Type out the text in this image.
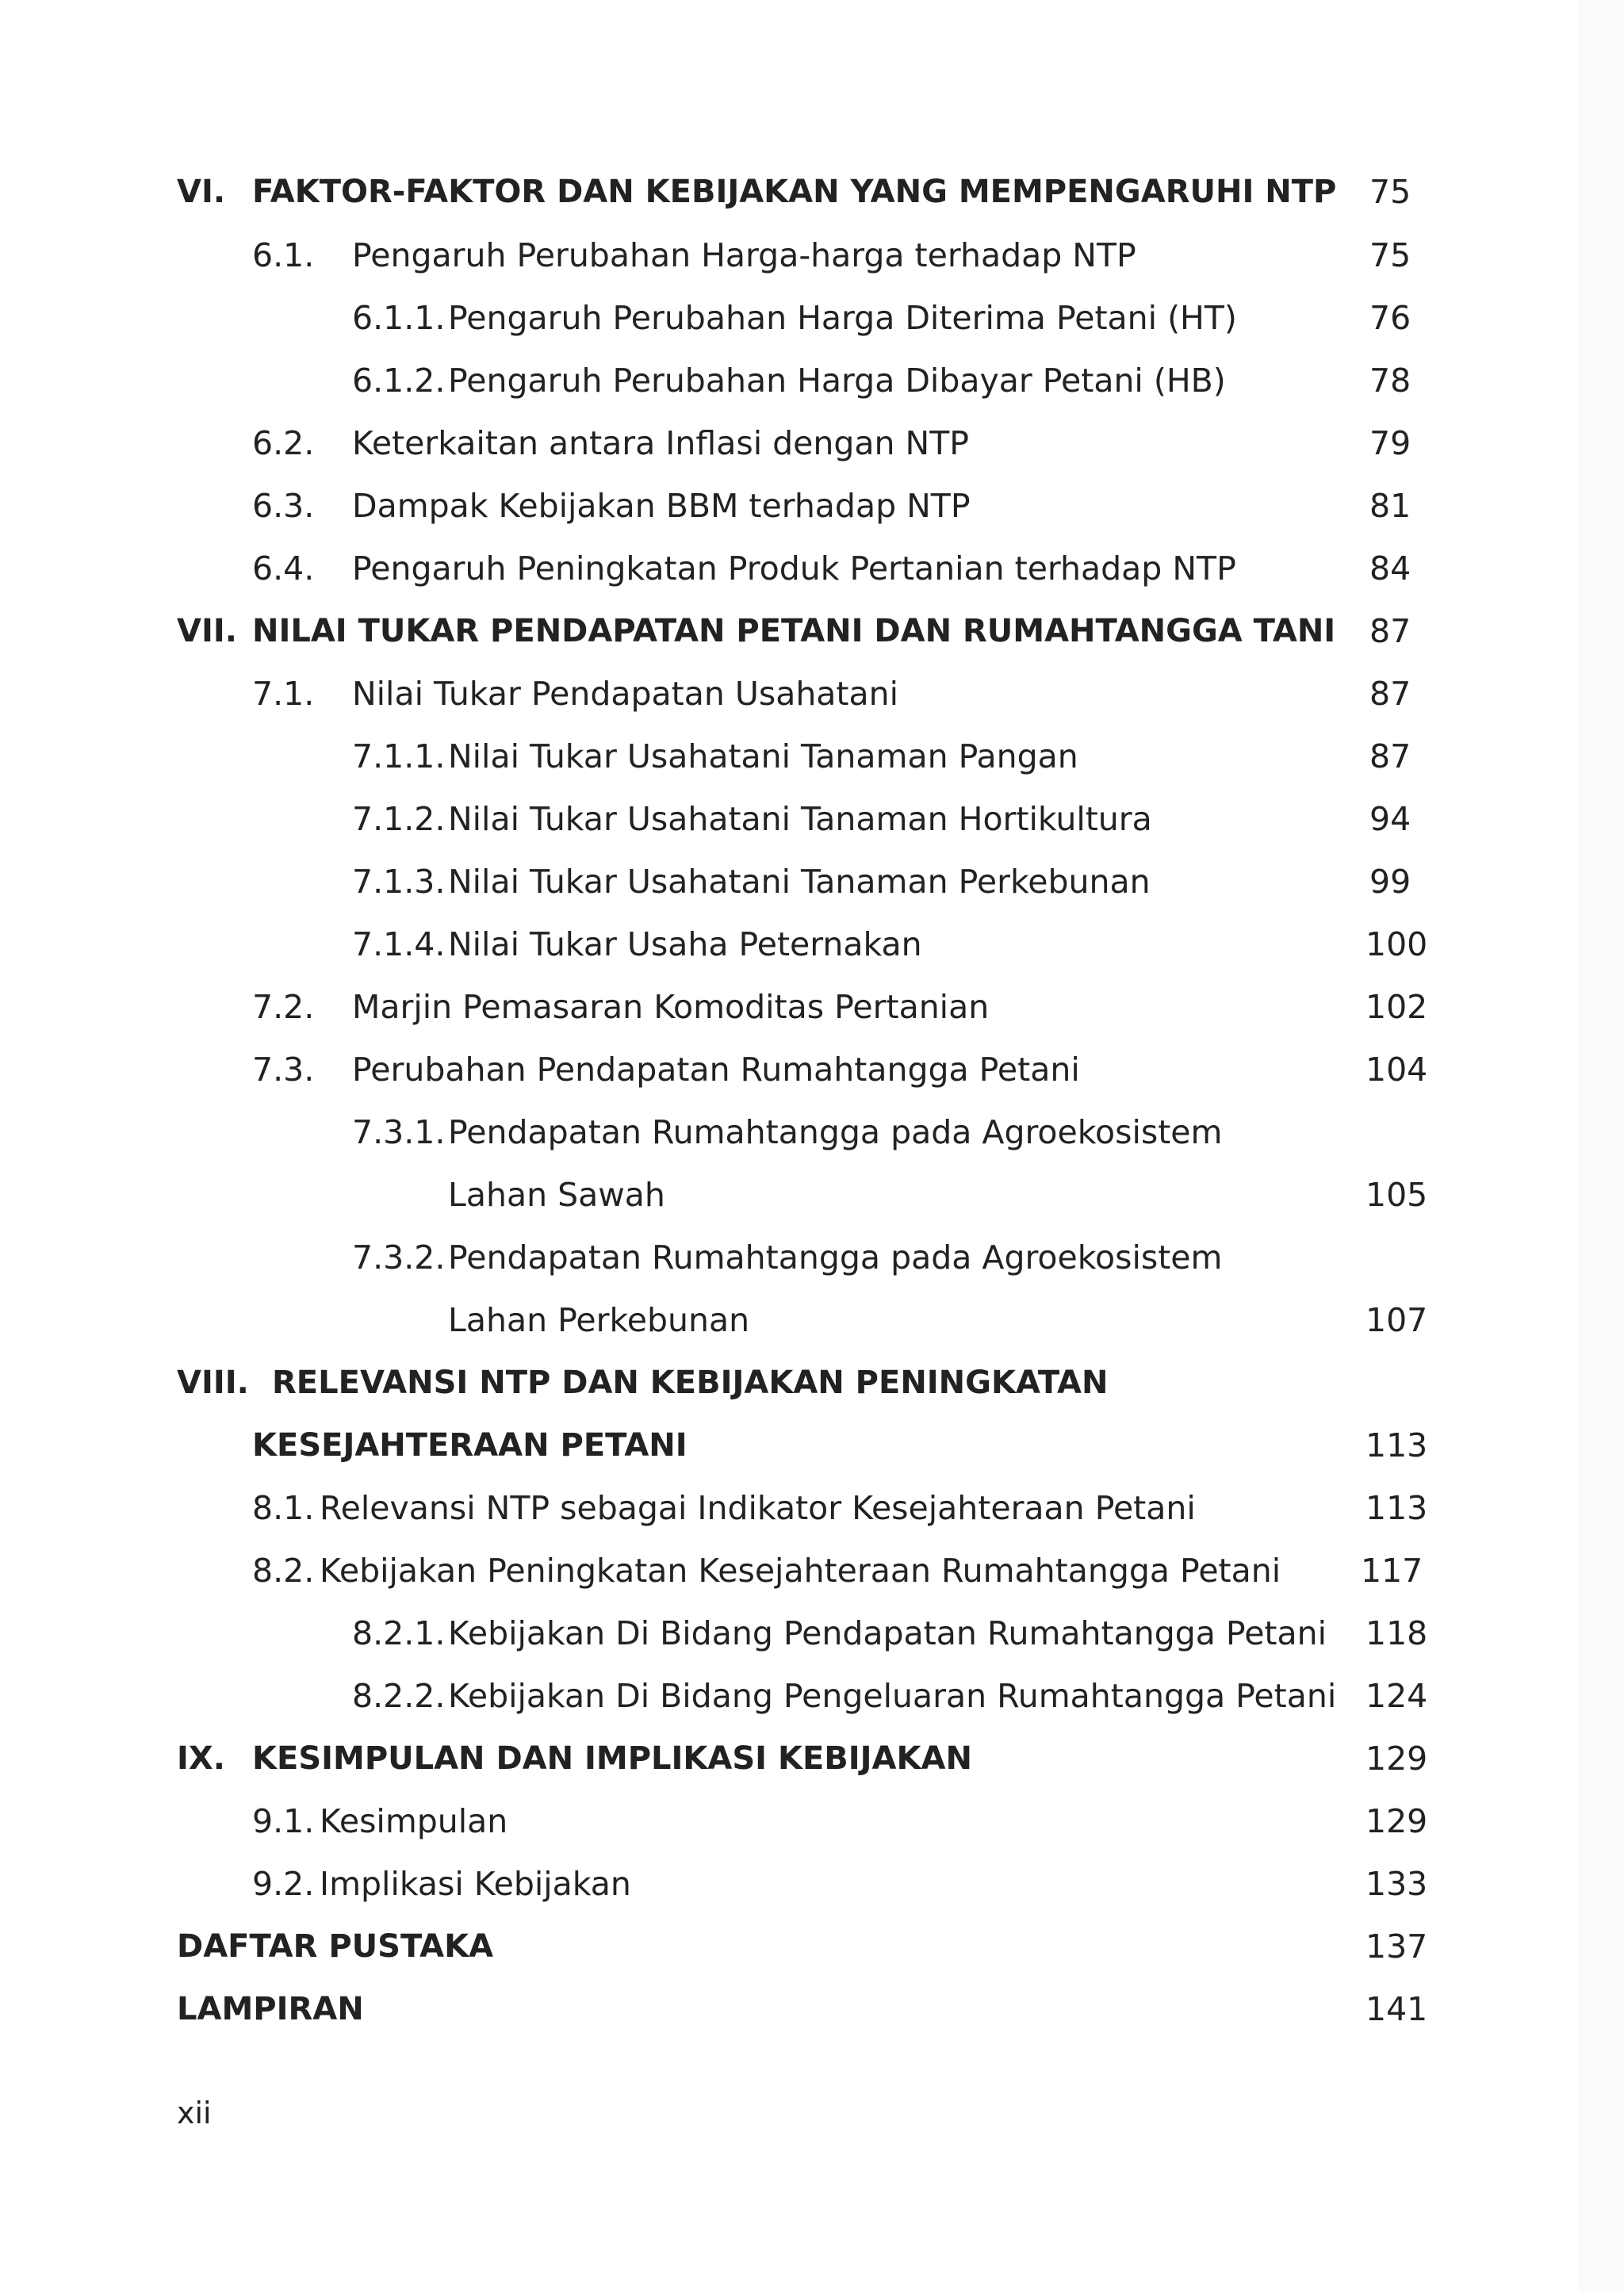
VI. FAKTOR-FAKTOR DAN KEBIJAKAN YANG MEMPENGARUHI NTP 75
6.1. Pengaruh Perubahan Harga-harga terhadap NTP	75
6.1.1. Pengaruh Perubahan Harga Diterima Petani (HT)	76
6.1.2. Pengaruh Perubahan Harga Dibayar Petani (HB)	78
6.2. Keterkaitan antara Inflasi dengan NTP	79
6.3. Dampak Kebijakan BBM terhadap NTP	81
6.4. Pengaruh Peningkatan Produk Pertanian terhadap NTP	84
VII. NILAI TUKAR PENDAPATAN PETANI DAN RUMAHTANGGA TANI 87
7.1. Nilai Tukar Pendapatan Usahatani	87
7.1.1. Nilai Tukar Usahatani Tanaman Pangan	87
7.1.2. Nilai Tukar Usahatani Tanaman Hortikultura	94
7.1.3. Nilai Tukar Usahatani Tanaman Perkebunan	99
7.1.4. Nilai Tukar Usaha Peternakan	100
7.2. Marjin Pemasaran Komoditas Pertanian	102
7.3. Perubahan Pendapatan Rumahtangga Petani	104
7.3.1. Pendapatan Rumahtangga pada Agroekosistem
Lahan Sawah	105
7.3.2. Pendapatan Rumahtangga pada Agroekosistem
Lahan Perkebunan	107
VIII. RELEVANSI NTP DAN KEBIJAKAN PENINGKATAN
KESEJAHTERAAN PETANI	113
8.1. Relevansi NTP sebagai Indikator Kesejahteraan Petani	113
8.2. Kebijakan Peningkatan Kesejahteraan Rumahtangga Petani 117
8.2.1. Kebijakan Di Bidang Pendapatan Rumahtangga Petani 118
8.2.2. Kebijakan Di Bidang Pengeluaran Rumahtangga Petani 124
IX. KESIMPULAN DAN IMPLIKASI KEBIJAKAN	129
9.1. Kesimpulan	129
9.2. Implikasi Kebijakan	133
DAFTAR PUSTAKA	137
LAMPIRAN	141
xii
